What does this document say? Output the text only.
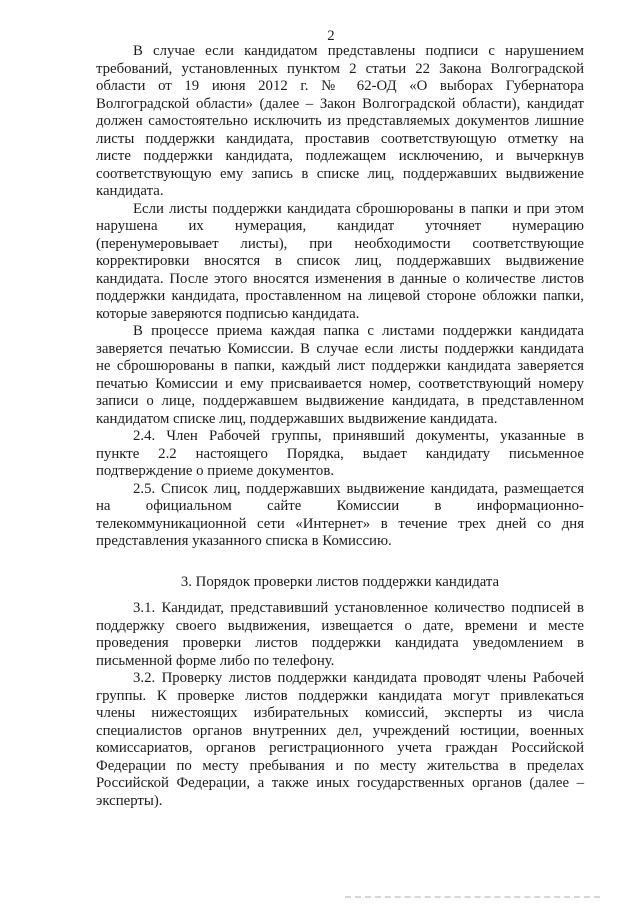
2
В случае если кандидатом представлены подписи с нарушением
требований, установленных пунктом 2 статьи 22 Закона Волгоградской
области от 19 июня 2012 г. № 62-ОД «О выборах Губернатора
Волгоградской области» (далее – Закон Волгоградской области), кандидат
должен самостоятельно исключить из представляемых документов лишние
листы поддержки кандидата, проставив соответствующую отметку на
листе поддержки кандидата, подлежащем исключению, и вычеркнув
соответствующую ему запись в списке лиц, поддержавших выдвижение
кандидата.
Если листы поддержки кандидата сброшюрованы в папки и при этом
нарушена их нумерация, кандидат уточняет нумерацию
(перенумеровывает листы), при необходимости соответствующие
корректировки вносятся в список лиц, поддержавших выдвижение
кандидата. После этого вносятся изменения в данные о количестве листов
поддержки кандидата, проставленном на лицевой стороне обложки папки,
которые заверяются подписью кандидата.
В процессе приема каждая папка с листами поддержки кандидата
заверяется печатью Комиссии. В случае если листы поддержки кандидата
не сброшюрованы в папки, каждый лист поддержки кандидата заверяется
печатью Комиссии и ему присваивается номер, соответствующий номеру
записи о лице, поддержавшем выдвижение кандидата, в представленном
кандидатом списке лиц, поддержавших выдвижение кандидата.
2.4. Член Рабочей группы, принявший документы, указанные в
пункте 2.2 настоящего Порядка, выдает кандидату письменное
подтверждение о приеме документов.
2.5. Список лиц, поддержавших выдвижение кандидата, размещается
на официальном сайте Комиссии в информационно-
телекоммуникационной сети «Интернет» в течение трех дней со дня
представления указанного списка в Комиссию.
3. Порядок проверки листов поддержки кандидата
3.1. Кандидат, представивший установленное количество подписей в
поддержку своего выдвижения, извещается о дате, времени и месте
проведения проверки листов поддержки кандидата уведомлением в
письменной форме либо по телефону.
3.2. Проверку листов поддержки кандидата проводят члены Рабочей
группы. К проверке листов поддержки кандидата могут привлекаться
члены нижестоящих избирательных комиссий, эксперты из числа
специалистов органов внутренних дел, учреждений юстиции, военных
комиссариатов, органов регистрационного учета граждан Российской
Федерации по месту пребывания и по месту жительства в пределах
Российской Федерации, а также иных государственных органов (далее –
эксперты).
